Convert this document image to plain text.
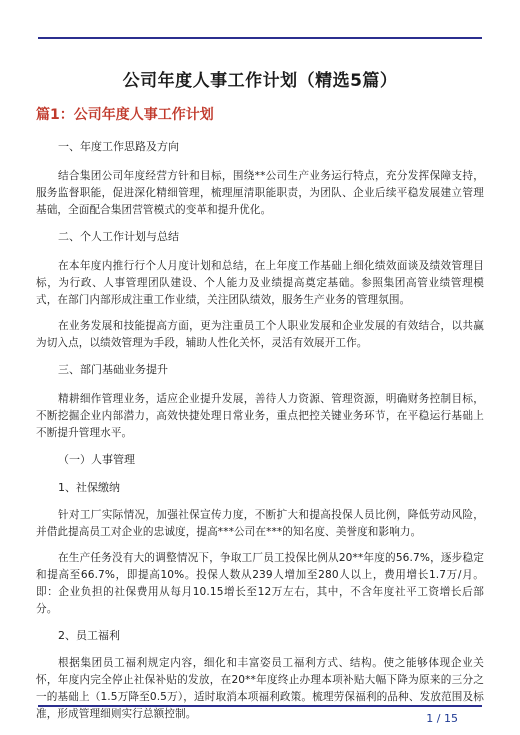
公司年度人事工作计划（精选5篇）
篇1：公司年度人事工作计划
一、年度工作思路及方向

结合集团公司年度经营方针和目标，围绕**公司生产业务运行特点，充分发挥保障支持，服务监督职能，促进深化精细管理，梳理厘清职能职责，为团队、企业后续平稳发展建立管理基础，全面配合集团营管模式的变革和提升优化。

二、个人工作计划与总结

在本年度内推行行个人月度计划和总结，在上年度工作基础上细化绩效面谈及绩效管理目标，为行政、人事管理团队建设、个人能力及业绩提高奠定基础。参照集团高管业绩管理模式，在部门内部形成注重工作业绩，关注团队绩效，服务生产业务的管理氛围。

在业务发展和技能提高方面，更为注重员工个人职业发展和企业发展的有效结合，以共赢为切入点，以绩效管理为手段，辅助人性化关怀，灵活有效展开工作。

三、部门基础业务提升

精耕细作管理业务，适应企业提升发展，善待人力资源、管理资源，明确财务控制目标，不断挖掘企业内部潜力，高效快捷处理日常业务，重点把控关键业务环节，在平稳运行基础上不断提升管理水平。

（一）人事管理
1、社保缴纳

针对工厂实际情况，加强社保宣传力度，不断扩大和提高投保人员比例，降低劳动风险，并借此提高员工对企业的忠诚度，提高***公司在***的知名度、美誉度和影响力。

在生产任务没有大的调整情况下，争取工厂员工投保比例从20**年度的56.7%，逐步稳定和提高至66.7%，即提高10%。投保人数从239人增加至280人以上，费用增长1.7万/月。即：企业负担的社保费用从每月10.15增长至12万左右，其中，不含年度社平工资增长后部分。

2、员工福利

根据集团员工福利规定内容，细化和丰富姿员工福利方式、结构。使之能够体现企业关怀，年度内完全停止社保补贴的发放，在20**年度终止办理本项补贴大幅下降为原来的三分之一的基础上（1.5万降至0.5万），适时取消本项福利政策。梳理劳保福利的品种、发放范围及标准，形成管理细则实行总额控制。	1 / 15
